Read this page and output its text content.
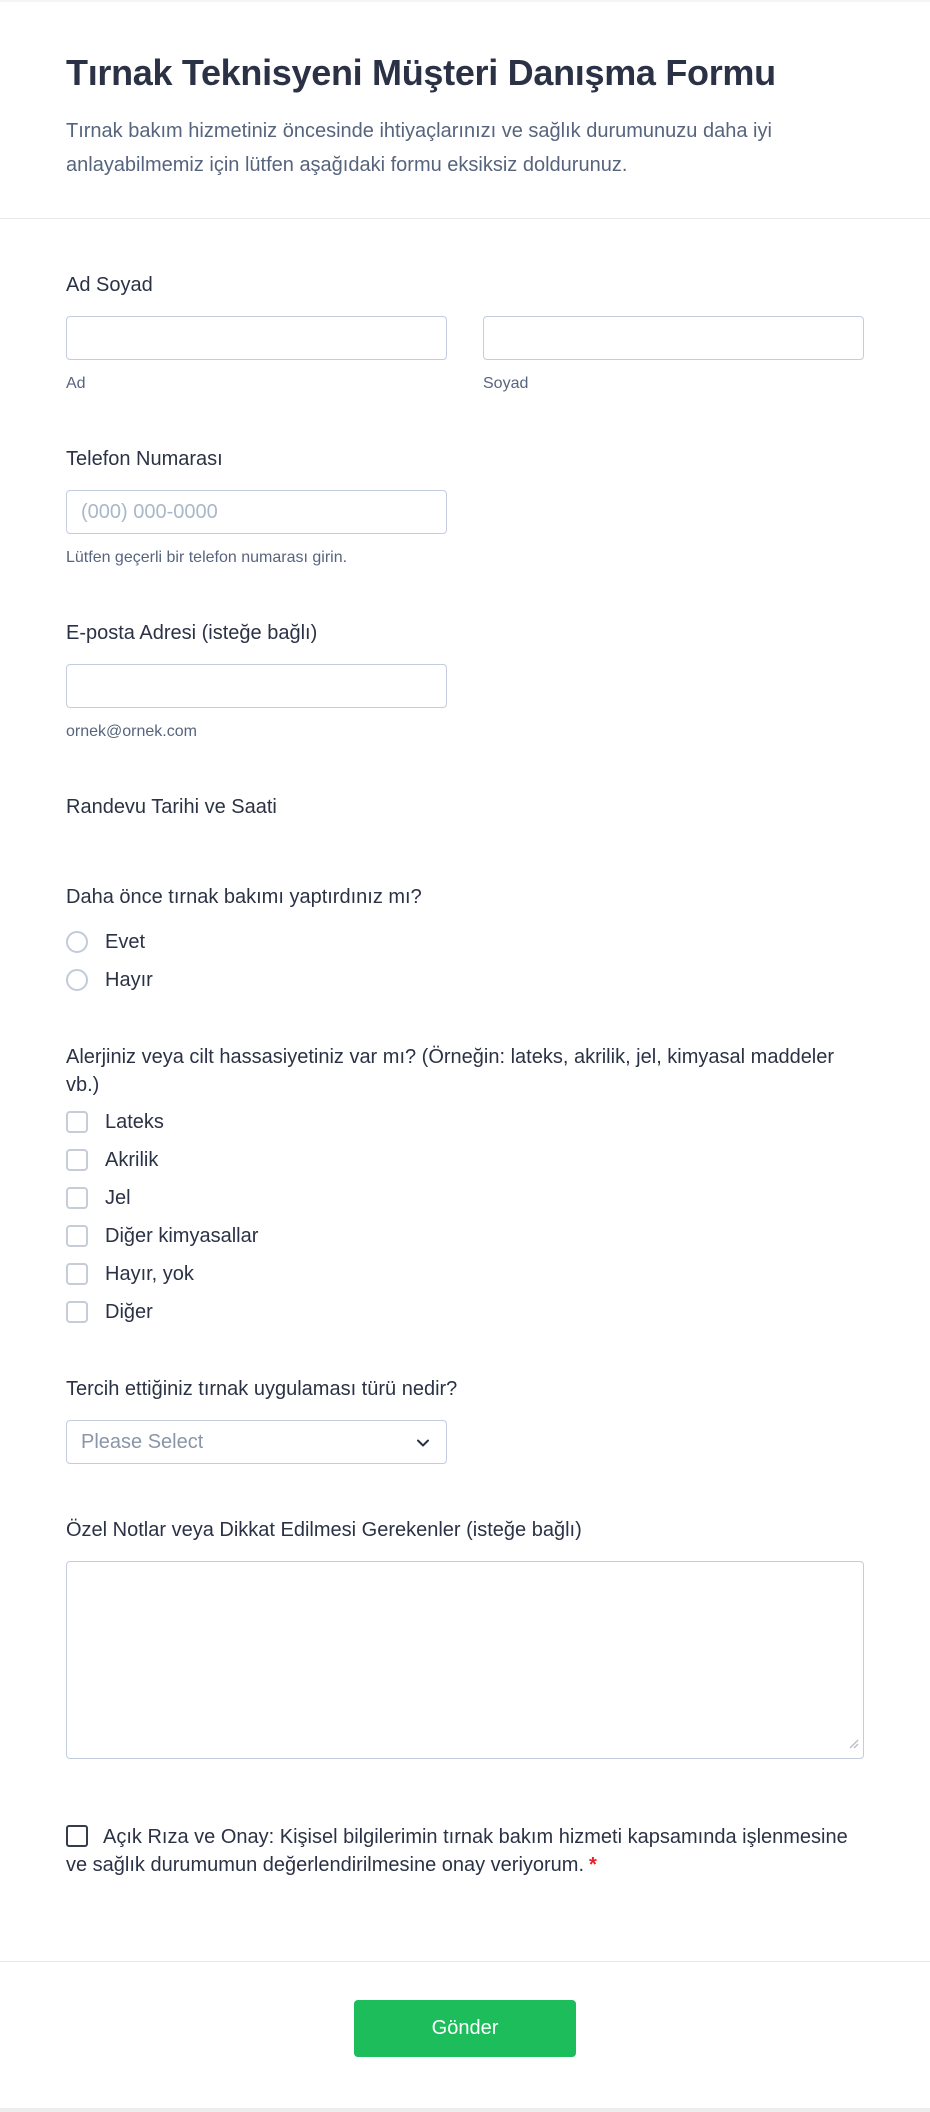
Tırnak Teknisyeni Müşteri Danışma Formu

Tırnak bakım hizmetiniz öncesinde ihtiyaçlarınızı ve sağlık durumunuzu daha iyi anlayabilmemiz için lütfen aşağıdaki formu eksiksiz doldurunuz.

Ad Soyad

Ad	Soyad

Telefon Numarası

(000) 000-0000
Lütfen geçerli bir telefon numarası girin.

E-posta Adresi (isteğe bağlı)

ornek@ornek.com

Randevu Tarihi ve Saati

Daha önce tırnak bakımı yaptırdınız mı?

Evet
Hayır

Alerjiniz veya cilt hassasiyetiniz var mı? (Örneğin: lateks, akrilik, jel, kimyasal maddeler vb.)

Lateks
Akrilik
Jel
Diğer kimyasallar
Hayır, yok
Diğer

Tercih ettiğiniz tırnak uygulaması türü nedir?

Please Select

Özel Notlar veya Dikkat Edilmesi Gerekenler (isteğe bağlı)

Açık Rıza ve Onay: Kişisel bilgilerimin tırnak bakım hizmeti kapsamında işlenmesine ve sağlık durumumun değerlendirilmesine onay veriyorum. *

Gönder
